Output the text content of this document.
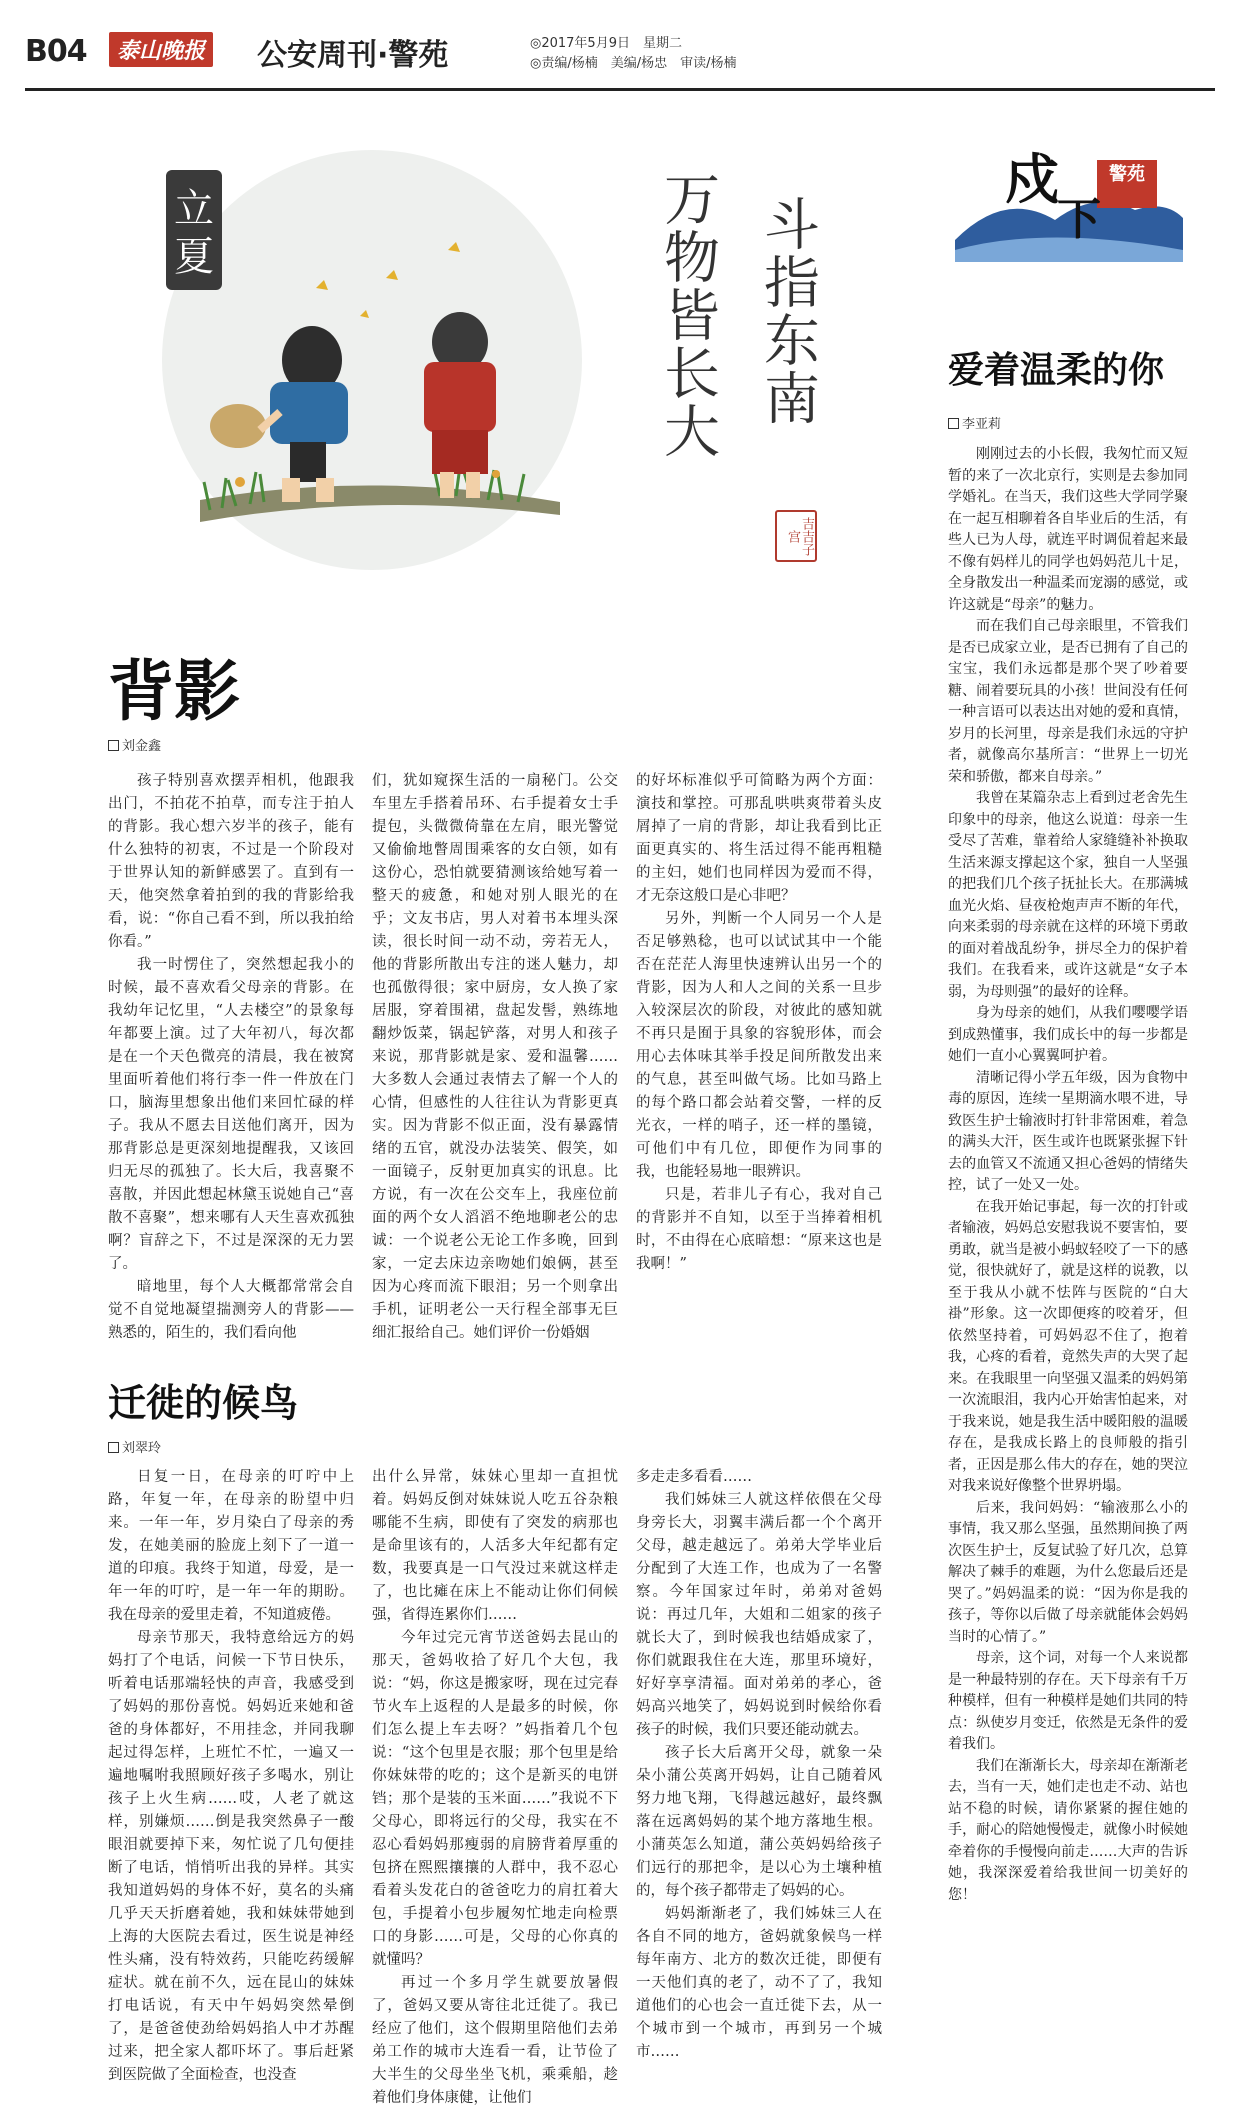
B04	泰山晚报 公安周刊·警苑	◎2017年5月9日　星期二
◎责编/杨楠　美编/杨忠　审读/杨楠
立
夏	万物皆长大 斗指东南
吉吉子宫
警苑
戍
下
背影
刘金鑫

孩子特别喜欢摆弄相机，他跟我出门，不拍花不拍草，而专注于拍人的背影。我心想六岁半的孩子，能有什么独特的初衷，不过是一个阶段对于世界认知的新鲜感罢了。直到有一天，他突然拿着拍到的我的背影给我看，说：“你自己看不到，所以我拍给你看。”

我一时愣住了，突然想起我小的时候，最不喜欢看父母亲的背影。在我幼年记忆里，“人去楼空”的景象每年都要上演。过了大年初八，每次都是在一个天色微亮的清晨，我在被窝里面听着他们将行李一件一件放在门口，脑海里想象出他们来回忙碌的样子。我从不愿去目送他们离开，因为那背影总是更深刻地提醒我，又该回归无尽的孤独了。长大后，我喜聚不喜散，并因此想起林黛玉说她自己“喜散不喜聚”，想来哪有人天生喜欢孤独啊？盲辞之下，不过是深深的无力罢了。

暗地里，每个人大概都常常会自觉不自觉地凝望揣测旁人的背影——熟悉的，陌生的，我们看向他

们，犹如窥探生活的一扇秘门。公交车里左手搭着吊环、右手提着女士手提包，头微微倚靠在左肩，眼光警觉又偷偷地瞥周围乘客的女白领，如有这份心，恐怕就要猜测该给她写着一整天的疲惫，和她对别人眼光的在乎；文友书店，男人对着书本埋头深读，很长时间一动不动，旁若无人，他的背影所散出专注的迷人魅力，却也孤傲得很；家中厨房，女人换了家居服，穿着围裙，盘起发髻，熟练地翻炒饭菜，锅起铲落，对男人和孩子来说，那背影就是家、爱和温馨……大多数人会通过表情去了解一个人的心情，但感性的人往往认为背影更真实。因为背影不似正面，没有暴露情绪的五官，就没办法装笑、假笑，如一面镜子，反射更加真实的讯息。比方说，有一次在公交车上，我座位前面的两个女人滔滔不绝地聊老公的忠诚：一个说老公无论工作多晚，回到家，一定去床边亲吻她们娘俩，甚至因为心疼而流下眼泪；另一个则拿出手机，证明老公一天行程全部事无巨细汇报给自己。她们评价一份婚姻

的好坏标准似乎可简略为两个方面：演技和掌控。可那乱哄哄爽带着头皮屑掉了一肩的背影，却让我看到比正面更真实的、将生活过得不能再粗糙的主妇，她们也同样因为爱而不得，才无奈这般口是心非吧？

另外，判断一个人同另一个人是否足够熟稔，也可以试试其中一个能否在茫茫人海里快速辨认出另一个的背影，因为人和人之间的关系一旦步入较深层次的阶段，对彼此的感知就不再只是囿于具象的容貌形体，而会用心去体味其举手投足间所散发出来的气息，甚至叫做气场。比如马路上的每个路口都会站着交警，一样的反光衣，一样的哨子，还一样的墨镜，可他们中有几位，即便作为同事的我，也能轻易地一眼辨识。

只是，若非儿子有心，我对自己的背影并不自知，以至于当捧着相机时，不由得在心底暗想：“原来这也是我啊！”

迁徙的候鸟
刘翠玲

日复一日，在母亲的叮咛中上路，年复一年，在母亲的盼望中归来。一年一年，岁月染白了母亲的秀发，在她美丽的脸庞上刻下了一道一道的印痕。我终于知道，母爱，是一年一年的叮咛，是一年一年的期盼。我在母亲的爱里走着，不知道疲倦。

母亲节那天，我特意给远方的妈妈打了个电话，问候一下节日快乐，听着电话那端轻快的声音，我感受到了妈妈的那份喜悦。妈妈近来她和爸爸的身体都好，不用挂念，并同我聊起过得怎样，上班忙不忙，一遍又一遍地嘱咐我照顾好孩子多喝水，别让孩子上火生病……哎，人老了就这样，别嫌烦……倒是我突然鼻子一酸眼泪就要掉下来，匆忙说了几句便挂断了电话，悄悄听出我的异样。其实我知道妈妈的身体不好，莫名的头痛几乎天天折磨着她，我和妹妹带她到上海的大医院去看过，医生说是神经性头痛，没有特效药，只能吃药缓解症状。就在前不久，远在昆山的妹妹打电话说，有天中午妈妈突然晕倒了，是爸爸使劲给妈妈掐人中才苏醒过来，把全家人都吓坏了。事后赶紧到医院做了全面检查，也没查

出什么异常，妹妹心里却一直担忧着。妈妈反倒对妹妹说人吃五谷杂粮哪能不生病，即使有了突发的病那也是命里该有的，人活多大年纪都有定数，我要真是一口气没过来就这样走了，也比瘫在床上不能动让你们伺候强，省得连累你们……

今年过完元宵节送爸妈去昆山的那天，爸妈收拾了好几个大包，我说：“妈，你这是搬家呀，现在过完春节火车上返程的人是最多的时候，你们怎么提上车去呀？”妈指着几个包说：“这个包里是衣服；那个包里是给你妹妹带的吃的；这个是新买的电饼铛；那个是装的玉米面……”我说不下父母心，即将远行的父母，我实在不忍心看妈妈那瘦弱的肩膀背着厚重的包挤在熙熙攘攘的人群中，我不忍心看着头发花白的爸爸吃力的肩扛着大包，手提着小包步履匆忙地走向检票口的身影……可是，父母的心你真的就懂吗？

再过一个多月学生就要放暑假了，爸妈又要从寄往北迁徙了。我已经应了他们，这个假期里陪他们去弟弟工作的城市大连看一看，让节俭了大半生的父母坐坐飞机，乘乘船，趁着他们身体康健，让他们

多走走多看看……

我们姊妹三人就这样依偎在父母身旁长大，羽翼丰满后都一个个离开父母，越走越远了。弟弟大学毕业后分配到了大连工作，也成为了一名警察。今年国家过年时，弟弟对爸妈说：再过几年，大姐和二姐家的孩子就长大了，到时候我也结婚成家了，你们就跟我住在大连，那里环境好，好好享享清福。面对弟弟的孝心，爸妈高兴地笑了，妈妈说到时候给你看孩子的时候，我们只要还能动就去。

孩子长大后离开父母，就象一朵朵小蒲公英离开妈妈，让自己随着风努力地飞翔，飞得越远越好，最终飘落在远离妈妈的某个地方落地生根。小蒲英怎么知道，蒲公英妈妈给孩子们远行的那把伞，是以心为土壤种植的，每个孩子都带走了妈妈的心。

妈妈渐渐老了，我们姊妹三人在各自不同的地方，爸妈就象候鸟一样每年南方、北方的数次迁徙，即便有一天他们真的老了，动不了了，我知道他们的心也会一直迁徙下去，从一个城市到一个城市，再到另一个城市……

爱着温柔的你
李亚莉

刚刚过去的小长假，我匆忙而又短暂的来了一次北京行，实则是去参加同学婚礼。在当天，我们这些大学同学聚在一起互相聊着各自毕业后的生活，有些人已为人母，就连平时调侃着起来最不像有妈样儿的同学也妈妈范儿十足，全身散发出一种温柔而宠溺的感觉，或许这就是“母亲”的魅力。

而在我们自己母亲眼里，不管我们是否已成家立业，是否已拥有了自己的宝宝，我们永远都是那个哭了吵着要糖、闹着要玩具的小孩！世间没有任何一种言语可以表达出对她的爱和真情，岁月的长河里，母亲是我们永远的守护者，就像高尔基所言：“世界上一切光荣和骄傲，都来自母亲。”

我曾在某篇杂志上看到过老舍先生印象中的母亲，他这么说道：母亲一生受尽了苦难，靠着给人家缝缝补补换取生活来源支撑起这个家，独自一人坚强的把我们几个孩子抚扯长大。在那满城血光火焰、昼夜枪炮声声不断的年代，向来柔弱的母亲就在这样的环境下勇敢的面对着战乱纷争，拼尽全力的保护着我们。在我看来，或许这就是“女子本弱，为母则强”的最好的诠释。

身为母亲的她们，从我们嘤嘤学语到成熟懂事，我们成长中的每一步都是她们一直小心翼翼呵护着。

清晰记得小学五年级，因为食物中毒的原因，连续一星期滴水喂不进，导致医生护士输液时打针非常困难，着急的满头大汗，医生或许也既紧张握下针去的血管又不流通又担心爸妈的情绪失控，试了一处又一处。

在我开始记事起，每一次的打针或者输液，妈妈总安慰我说不要害怕，要勇敢，就当是被小蚂蚁轻咬了一下的感觉，很快就好了，就是这样的说教，以至于我从小就不怯阵与医院的“白大褂”形象。这一次即便疼的咬着牙，但依然坚持着，可妈妈忍不住了，抱着我，心疼的看着，竟然失声的大哭了起来。在我眼里一向坚强又温柔的妈妈第一次流眼泪，我内心开始害怕起来，对于我来说，她是我生活中暖阳般的温暖存在，是我成长路上的良师般的指引者，正因是那么伟大的存在，她的哭泣对我来说好像整个世界坍塌。

后来，我问妈妈：“输液那么小的事情，我又那么坚强，虽然期间换了两次医生护士，反复试验了好几次，总算解决了棘手的难题，为什么您最后还是哭了。”妈妈温柔的说：“因为你是我的孩子，等你以后做了母亲就能体会妈妈当时的心情了。”

母亲，这个词，对每一个人来说都是一种最特别的存在。天下母亲有千万种模样，但有一种模样是她们共同的特点：纵使岁月变迁，依然是无条件的爱着我们。

我们在渐渐长大，母亲却在渐渐老去，当有一天，她们走也走不动、站也站不稳的时候，请你紧紧的握住她的手，耐心的陪她慢慢走，就像小时候她牵着你的手慢慢向前走……大声的告诉她，我深深爱着给我世间一切美好的您！
